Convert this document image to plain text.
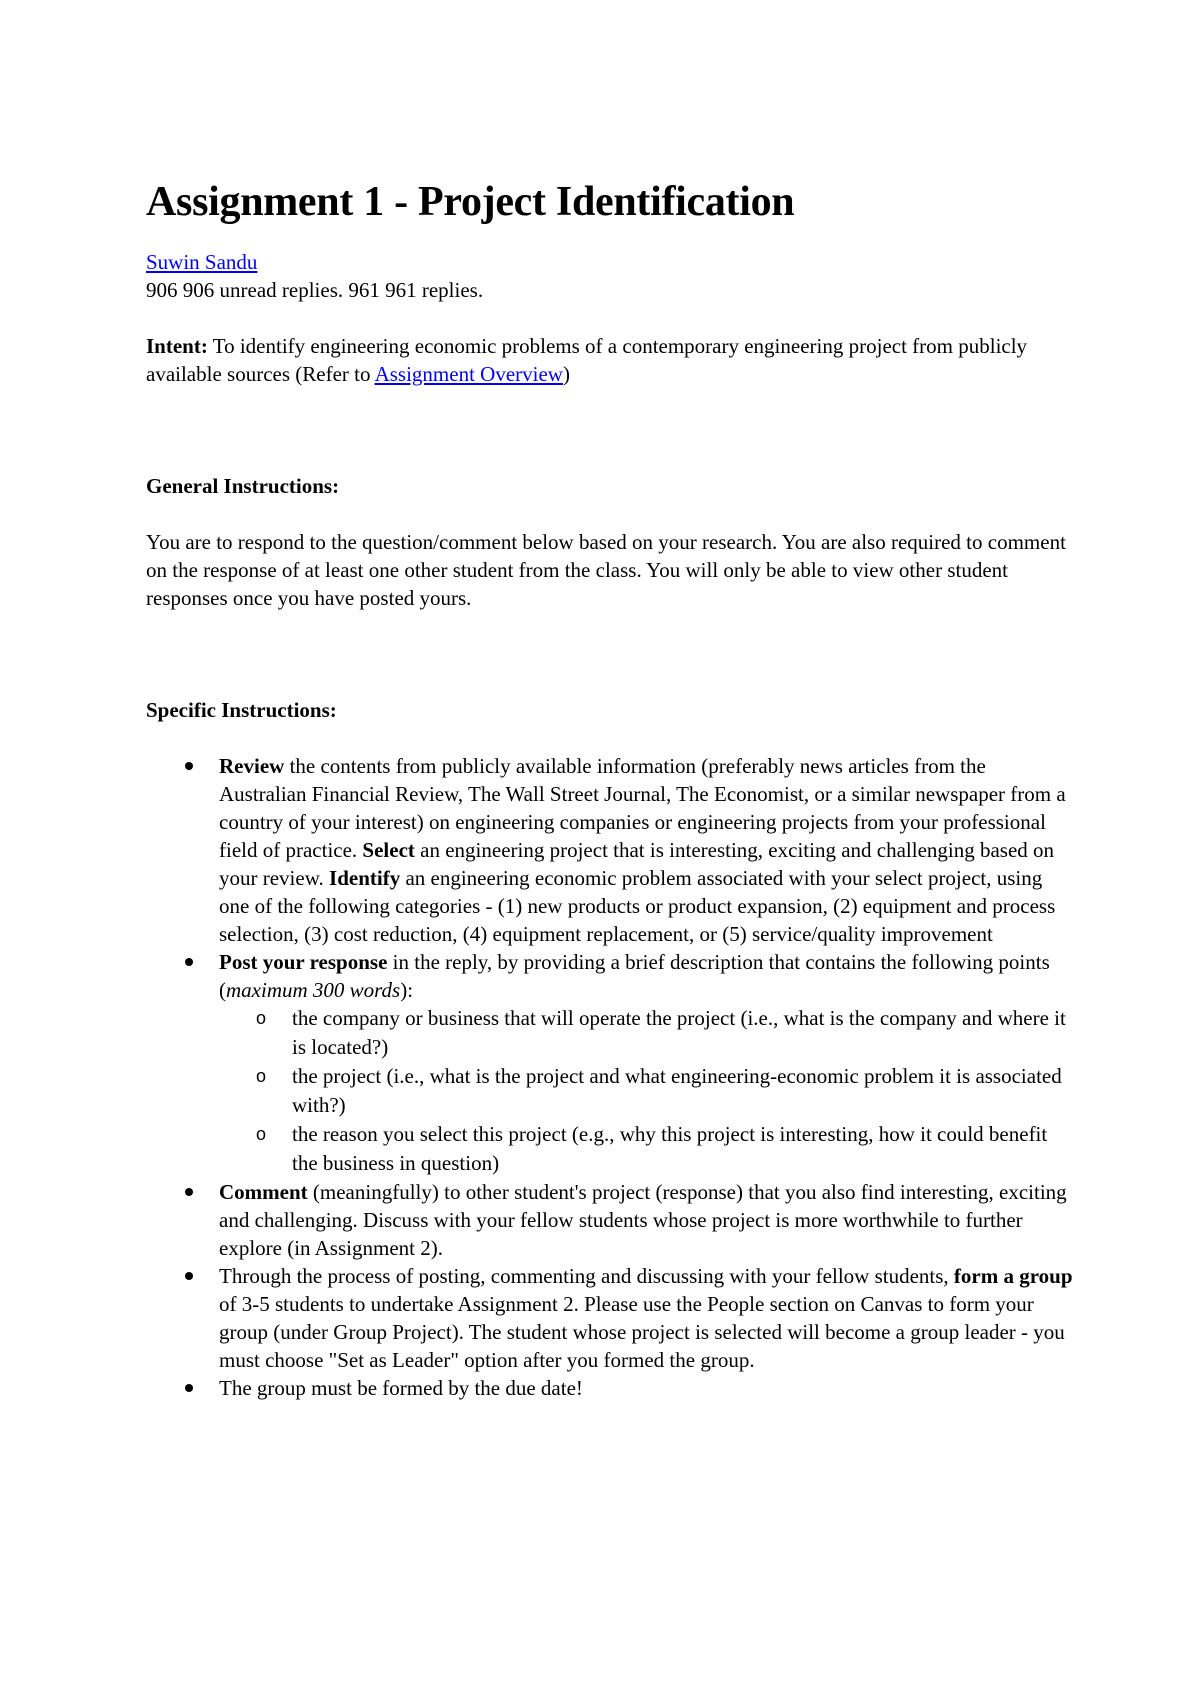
Assignment 1 - Project Identification

Suwin Sandu

906 906 unread replies. 961 961 replies.

Intent: To identify engineering economic problems of a contemporary engineering project from publicly available sources (Refer to Assignment Overview)

General Instructions:

You are to respond to the question/comment below based on your research. You are also required to comment on the response of at least one other student from the class. You will only be able to view other student responses once you have posted yours.

Specific Instructions:

Review the contents from publicly available information (preferably news articles from the Australian Financial Review, The Wall Street Journal, The Economist, or a similar newspaper from a country of your interest) on engineering companies or engineering projects from your professional field of practice. Select an engineering project that is interesting, exciting and challenging based on your review. Identify an engineering economic problem associated with your select project, using one of the following categories - (1) new products or product expansion, (2) equipment and process selection, (3) cost reduction, (4) equipment replacement, or (5) service/quality improvement
Post your response in the reply, by providing a brief description that contains the following points (maximum 300 words):
o the company or business that will operate the project (i.e., what is the company and where it is located?)
o the project (i.e., what is the project and what engineering-economic problem it is associated with?)
o the reason you select this project (e.g., why this project is interesting, how it could benefit the business in question)
Comment (meaningfully) to other student's project (response) that you also find interesting, exciting and challenging. Discuss with your fellow students whose project is more worthwhile to further explore (in Assignment 2).
Through the process of posting, commenting and discussing with your fellow students, form a group of 3-5 students to undertake Assignment 2. Please use the People section on Canvas to form your group (under Group Project). The student whose project is selected will become a group leader - you must choose "Set as Leader" option after you formed the group.
The group must be formed by the due date!
